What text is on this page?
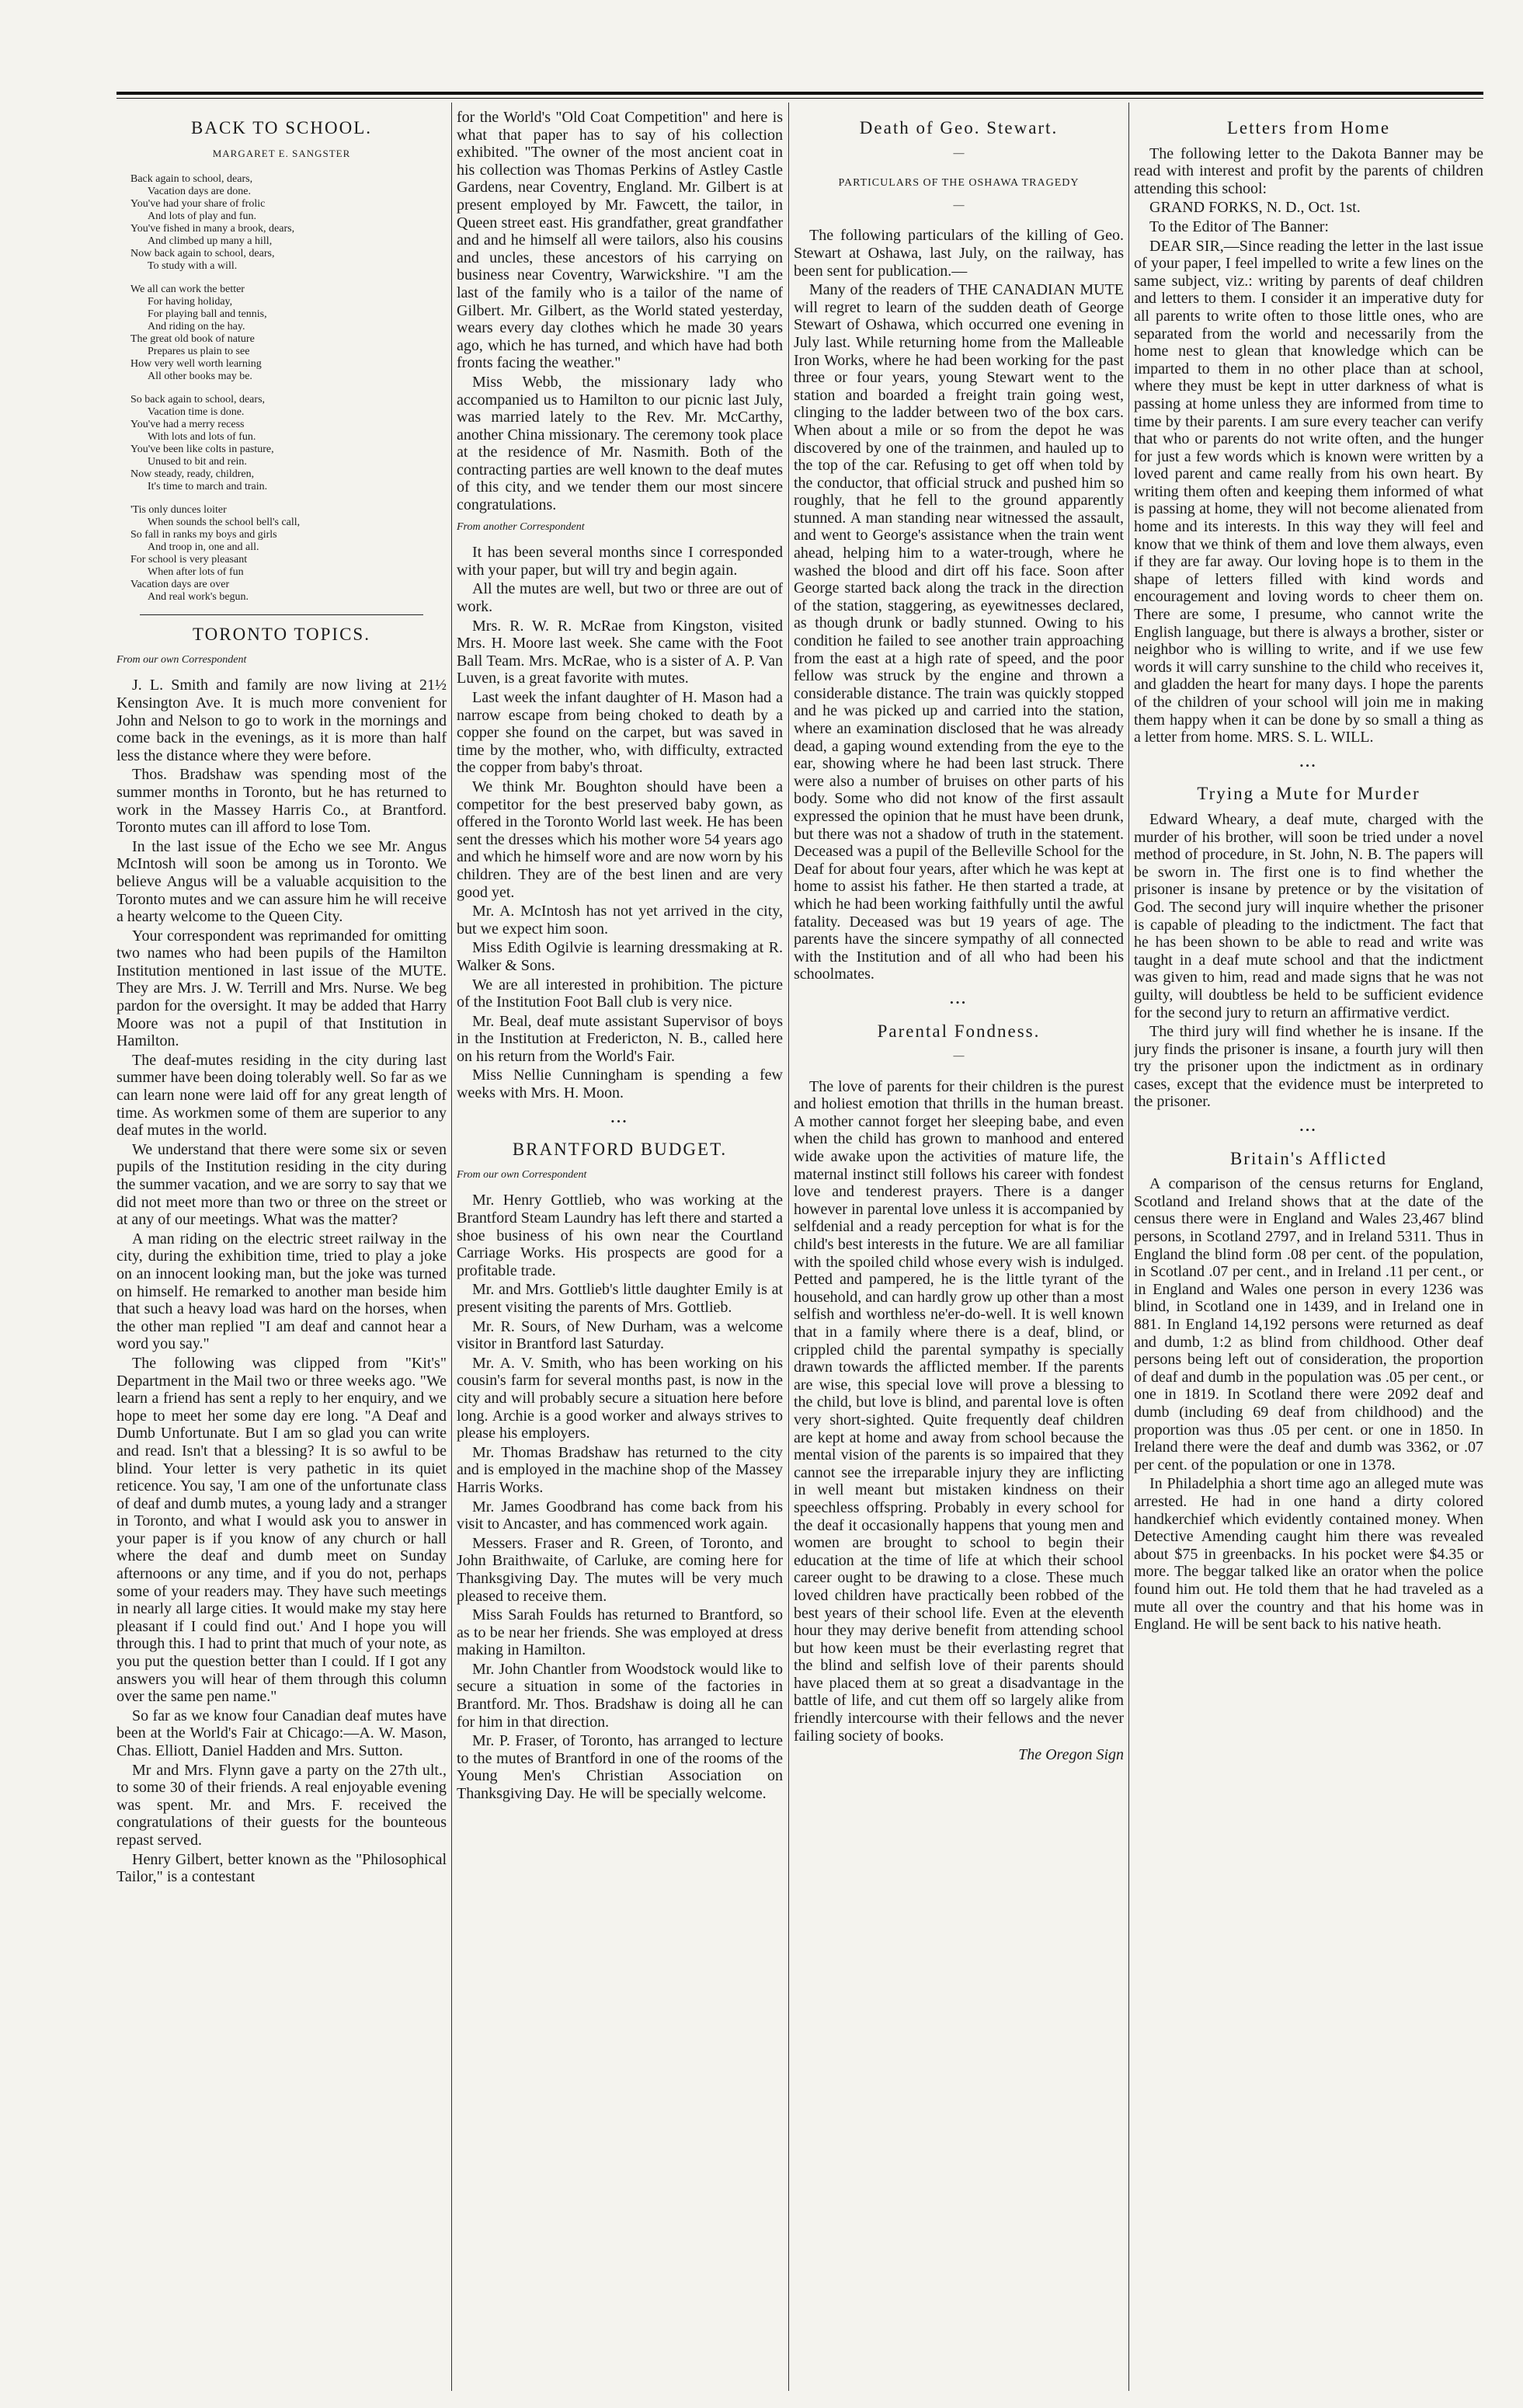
BACK TO SCHOOL.
MARGARET E. SANGSTER
Back again to school, dears,
Vacation days are done.
You've had your share of frolic
And lots of play and fun.
You've fished in many a brook, dears,
And climbed up many a hill,
Now back again to school, dears,
To study with a will.
We all can work the better
For having holiday,
For playing ball and tennis,
And riding on the hay.
The great old book of nature
Prepares us plain to see
How very well worth learning
All other books may be.
So back again to school, dears,
Vacation time is done.
You've had a merry recess
With lots and lots of fun.
You've been like colts in pasture,
Unused to bit and rein.
Now steady, ready, children,
It's time to march and train.
'Tis only dunces loiter
When sounds the school bell's call,
So fall in ranks my boys and girls
And troop in, one and all.
For school is very pleasant
When after lots of fun
Vacation days are over
And real work's begun.
TORONTO TOPICS.
From our own Correspondent

J. L. Smith and family are now living at 21½ Kensington Ave. It is much more convenient for John and Nelson to go to work in the mornings and come back in the evenings, as it is more than half less the distance where they were before.

Thos. Bradshaw was spending most of the summer months in Toronto, but he has returned to work in the Massey Harris Co., at Brantford. Toronto mutes can ill afford to lose Tom.

In the last issue of the Echo we see Mr. Angus McIntosh will soon be among us in Toronto. We believe Angus will be a valuable acquisition to the Toronto mutes and we can assure him he will receive a hearty welcome to the Queen City.

Your correspondent was reprimanded for omitting two names who had been pupils of the Hamilton Institution mentioned in last issue of the MUTE. They are Mrs. J. W. Terrill and Mrs. Nurse. We beg pardon for the oversight. It may be added that Harry Moore was not a pupil of that Institution in Hamilton.

The deaf-mutes residing in the city during last summer have been doing tolerably well. So far as we can learn none were laid off for any great length of time. As workmen some of them are superior to any deaf mutes in the world.

We understand that there were some six or seven pupils of the Institution residing in the city during the summer vacation, and we are sorry to say that we did not meet more than two or three on the street or at any of our meetings. What was the matter?

A man riding on the electric street railway in the city, during the exhibition time, tried to play a joke on an innocent looking man, but the joke was turned on himself. He remarked to another man beside him that such a heavy load was hard on the horses, when the other man replied "I am deaf and cannot hear a word you say."

The following was clipped from "Kit's" Department in the Mail two or three weeks ago. "We learn a friend has sent a reply to her enquiry, and we hope to meet her some day ere long. "A Deaf and Dumb Unfortunate. But I am so glad you can write and read. Isn't that a blessing? It is so awful to be blind. Your letter is very pathetic in its quiet reticence. You say, 'I am one of the unfortunate class of deaf and dumb mutes, a young lady and a stranger in Toronto, and what I would ask you to answer in your paper is if you know of any church or hall where the deaf and dumb meet on Sunday afternoons or any time, and if you do not, perhaps some of your readers may. They have such meetings in nearly all large cities. It would make my stay here pleasant if I could find out.' And I hope you will through this. I had to print that much of your note, as you put the question better than I could. If I got any answers you will hear of them through this column over the same pen name."

So far as we know four Canadian deaf mutes have been at the World's Fair at Chicago:—A. W. Mason, Chas. Elliott, Daniel Hadden and Mrs. Sutton.

Mr and Mrs. Flynn gave a party on the 27th ult., to some 30 of their friends. A real enjoyable evening was spent. Mr. and Mrs. F. received the congratulations of their guests for the bounteous repast served.

Henry Gilbert, better known as the "Philosophical Tailor," is a contestant

for the World's "Old Coat Competition" and here is what that paper has to say of his collection exhibited. "The owner of the most ancient coat in his collection was Thomas Perkins of Astley Castle Gardens, near Coventry, England. Mr. Gilbert is at present employed by Mr. Fawcett, the tailor, in Queen street east. His grandfather, great grandfather and and he himself all were tailors, also his cousins and uncles, these ancestors of his carrying on business near Coventry, Warwickshire. "I am the last of the family who is a tailor of the name of Gilbert. Mr. Gilbert, as the World stated yesterday, wears every day clothes which he made 30 years ago, which he has turned, and which have had both fronts facing the weather."

Miss Webb, the missionary lady who accompanied us to Hamilton to our picnic last July, was married lately to the Rev. Mr. McCarthy, another China missionary. The ceremony took place at the residence of Mr. Nasmith. Both of the contracting parties are well known to the deaf mutes of this city, and we tender them our most sincere congratulations.

From another Correspondent

It has been several months since I corresponded with your paper, but will try and begin again.

All the mutes are well, but two or three are out of work.

Mrs. R. W. R. McRae from Kingston, visited Mrs. H. Moore last week. She came with the Foot Ball Team. Mrs. McRae, who is a sister of A. P. Van Luven, is a great favorite with mutes.

Last week the infant daughter of H. Mason had a narrow escape from being choked to death by a copper she found on the carpet, but was saved in time by the mother, who, with difficulty, extracted the copper from baby's throat.

We think Mr. Boughton should have been a competitor for the best preserved baby gown, as offered in the Toronto World last week. He has been sent the dresses which his mother wore 54 years ago and which he himself wore and are now worn by his children. They are of the best linen and are very good yet.

Mr. A. McIntosh has not yet arrived in the city, but we expect him soon.

Miss Edith Ogilvie is learning dressmaking at R. Walker & Sons.

We are all interested in prohibition. The picture of the Institution Foot Ball club is very nice.

Mr. Beal, deaf mute assistant Supervisor of boys in the Institution at Fredericton, N. B., called here on his return from the World's Fair.

Miss Nellie Cunningham is spending a few weeks with Mrs. H. Moon.

•••
BRANTFORD BUDGET.
From our own Correspondent

Mr. Henry Gottlieb, who was working at the Brantford Steam Laundry has left there and started a shoe business of his own near the Courtland Carriage Works. His prospects are good for a profitable trade.

Mr. and Mrs. Gottlieb's little daughter Emily is at present visiting the parents of Mrs. Gottlieb.

Mr. R. Sours, of New Durham, was a welcome visitor in Brantford last Saturday.

Mr. A. V. Smith, who has been working on his cousin's farm for several months past, is now in the city and will probably secure a situation here before long. Archie is a good worker and always strives to please his employers.

Mr. Thomas Bradshaw has returned to the city and is employed in the machine shop of the Massey Harris Works.

Mr. James Goodbrand has come back from his visit to Ancaster, and has commenced work again.

Messers. Fraser and R. Green, of Toronto, and John Braithwaite, of Carluke, are coming here for Thanksgiving Day. The mutes will be very much pleased to receive them.

Miss Sarah Foulds has returned to Brantford, so as to be near her friends. She was employed at dress making in Hamilton.

Mr. John Chantler from Woodstock would like to secure a situation in some of the factories in Brantford. Mr. Thos. Bradshaw is doing all he can for him in that direction.

Mr. P. Fraser, of Toronto, has arranged to lecture to the mutes of Brantford in one of the rooms of the Young Men's Christian Association on Thanksgiving Day. He will be specially welcome.

Death of Geo. Stewart.
—
PARTICULARS OF THE OSHAWA TRAGEDY
—

The following particulars of the killing of Geo. Stewart at Oshawa, last July, on the railway, has been sent for publication.—

Many of the readers of THE CANADIAN MUTE will regret to learn of the sudden death of George Stewart of Oshawa, which occurred one evening in July last. While returning home from the Malleable Iron Works, where he had been working for the past three or four years, young Stewart went to the station and boarded a freight train going west, clinging to the ladder between two of the box cars. When about a mile or so from the depot he was discovered by one of the trainmen, and hauled up to the top of the car. Refusing to get off when told by the conductor, that official struck and pushed him so roughly, that he fell to the ground apparently stunned. A man standing near witnessed the assault, and went to George's assistance when the train went ahead, helping him to a water-trough, where he washed the blood and dirt off his face. Soon after George started back along the track in the direction of the station, staggering, as eyewitnesses declared, as though drunk or badly stunned. Owing to his condition he failed to see another train approaching from the east at a high rate of speed, and the poor fellow was struck by the engine and thrown a considerable distance. The train was quickly stopped and he was picked up and carried into the station, where an examination disclosed that he was already dead, a gaping wound extending from the eye to the ear, showing where he had been last struck. There were also a number of bruises on other parts of his body. Some who did not know of the first assault expressed the opinion that he must have been drunk, but there was not a shadow of truth in the statement. Deceased was a pupil of the Belleville School for the Deaf for about four years, after which he was kept at home to assist his father. He then started a trade, at which he had been working faithfully until the awful fatality. Deceased was but 19 years of age. The parents have the sincere sympathy of all connected with the Institution and of all who had been his schoolmates.

•••
Parental Fondness.
—

The love of parents for their children is the purest and holiest emotion that thrills in the human breast. A mother cannot forget her sleeping babe, and even when the child has grown to manhood and entered wide awake upon the activities of mature life, the maternal instinct still follows his career with fondest love and tenderest prayers. There is a danger however in parental love unless it is accompanied by selfdenial and a ready perception for what is for the child's best interests in the future. We are all familiar with the spoiled child whose every wish is indulged. Petted and pampered, he is the little tyrant of the household, and can hardly grow up other than a most selfish and worthless ne'er-do-well. It is well known that in a family where there is a deaf, blind, or crippled child the parental sympathy is specially drawn towards the afflicted member. If the parents are wise, this special love will prove a blessing to the child, but love is blind, and parental love is often very short-sighted. Quite frequently deaf children are kept at home and away from school because the mental vision of the parents is so impaired that they cannot see the irreparable injury they are inflicting in well meant but mistaken kindness on their speechless offspring. Probably in every school for the deaf it occasionally happens that young men and women are brought to school to begin their education at the time of life at which their school career ought to be drawing to a close. These much loved children have practically been robbed of the best years of their school life. Even at the eleventh hour they may derive benefit from attending school but how keen must be their everlasting regret that the blind and selfish love of their parents should have placed them at so great a disadvantage in the battle of life, and cut them off so largely alike from friendly intercourse with their fellows and the never failing society of books.

The Oregon Sign
Letters from Home

The following letter to the Dakota Banner may be read with interest and profit by the parents of children attending this school:

GRAND FORKS, N. D., Oct. 1st.

To the Editor of The Banner:

DEAR SIR,—Since reading the letter in the last issue of your paper, I feel impelled to write a few lines on the same subject, viz.: writing by parents of deaf children and letters to them. I consider it an imperative duty for all parents to write often to those little ones, who are separated from the world and necessarily from the home nest to glean that knowledge which can be imparted to them in no other place than at school, where they must be kept in utter darkness of what is passing at home unless they are informed from time to time by their parents. I am sure every teacher can verify that who or parents do not write often, and the hunger for just a few words which is known were written by a loved parent and came really from his own heart. By writing them often and keeping them informed of what is passing at home, they will not become alienated from home and its interests. In this way they will feel and know that we think of them and love them always, even if they are far away. Our loving hope is to them in the shape of letters filled with kind words and encouragement and loving words to cheer them on. There are some, I presume, who cannot write the English language, but there is always a brother, sister or neighbor who is willing to write, and if we use few words it will carry sunshine to the child who receives it, and gladden the heart for many days. I hope the parents of the children of your school will join me in making them happy when it can be done by so small a thing as a letter from home. MRS. S. L. WILL.

•••
Trying a Mute for Murder

Edward Wheary, a deaf mute, charged with the murder of his brother, will soon be tried under a novel method of procedure, in St. John, N. B. The papers will be sworn in. The first one is to find whether the prisoner is insane by pretence or by the visitation of God. The second jury will inquire whether the prisoner is capable of pleading to the indictment. The fact that he has been shown to be able to read and write was taught in a deaf mute school and that the indictment was given to him, read and made signs that he was not guilty, will doubtless be held to be sufficient evidence for the second jury to return an affirmative verdict.

The third jury will find whether he is insane. If the jury finds the prisoner is insane, a fourth jury will then try the prisoner upon the indictment as in ordinary cases, except that the evidence must be interpreted to the prisoner.

•••
Britain's Afflicted

A comparison of the census returns for England, Scotland and Ireland shows that at the date of the census there were in England and Wales 23,467 blind persons, in Scotland 2797, and in Ireland 5311. Thus in England the blind form .08 per cent. of the population, in Scotland .07 per cent., and in Ireland .11 per cent., or in England and Wales one person in every 1236 was blind, in Scotland one in 1439, and in Ireland one in 881. In England 14,192 persons were returned as deaf and dumb, 1:2 as blind from childhood. Other deaf persons being left out of consideration, the proportion of deaf and dumb in the population was .05 per cent., or one in 1819. In Scotland there were 2092 deaf and dumb (including 69 deaf from childhood) and the proportion was thus .05 per cent. or one in 1850. In Ireland there were the deaf and dumb was 3362, or .07 per cent. of the population or one in 1378.

In Philadelphia a short time ago an alleged mute was arrested. He had in one hand a dirty colored handkerchief which evidently contained money. When Detective Amending caught him there was revealed about $75 in greenbacks. In his pocket were $4.35 or more. The beggar talked like an orator when the police found him out. He told them that he had traveled as a mute all over the country and that his home was in England. He will be sent back to his native heath.
